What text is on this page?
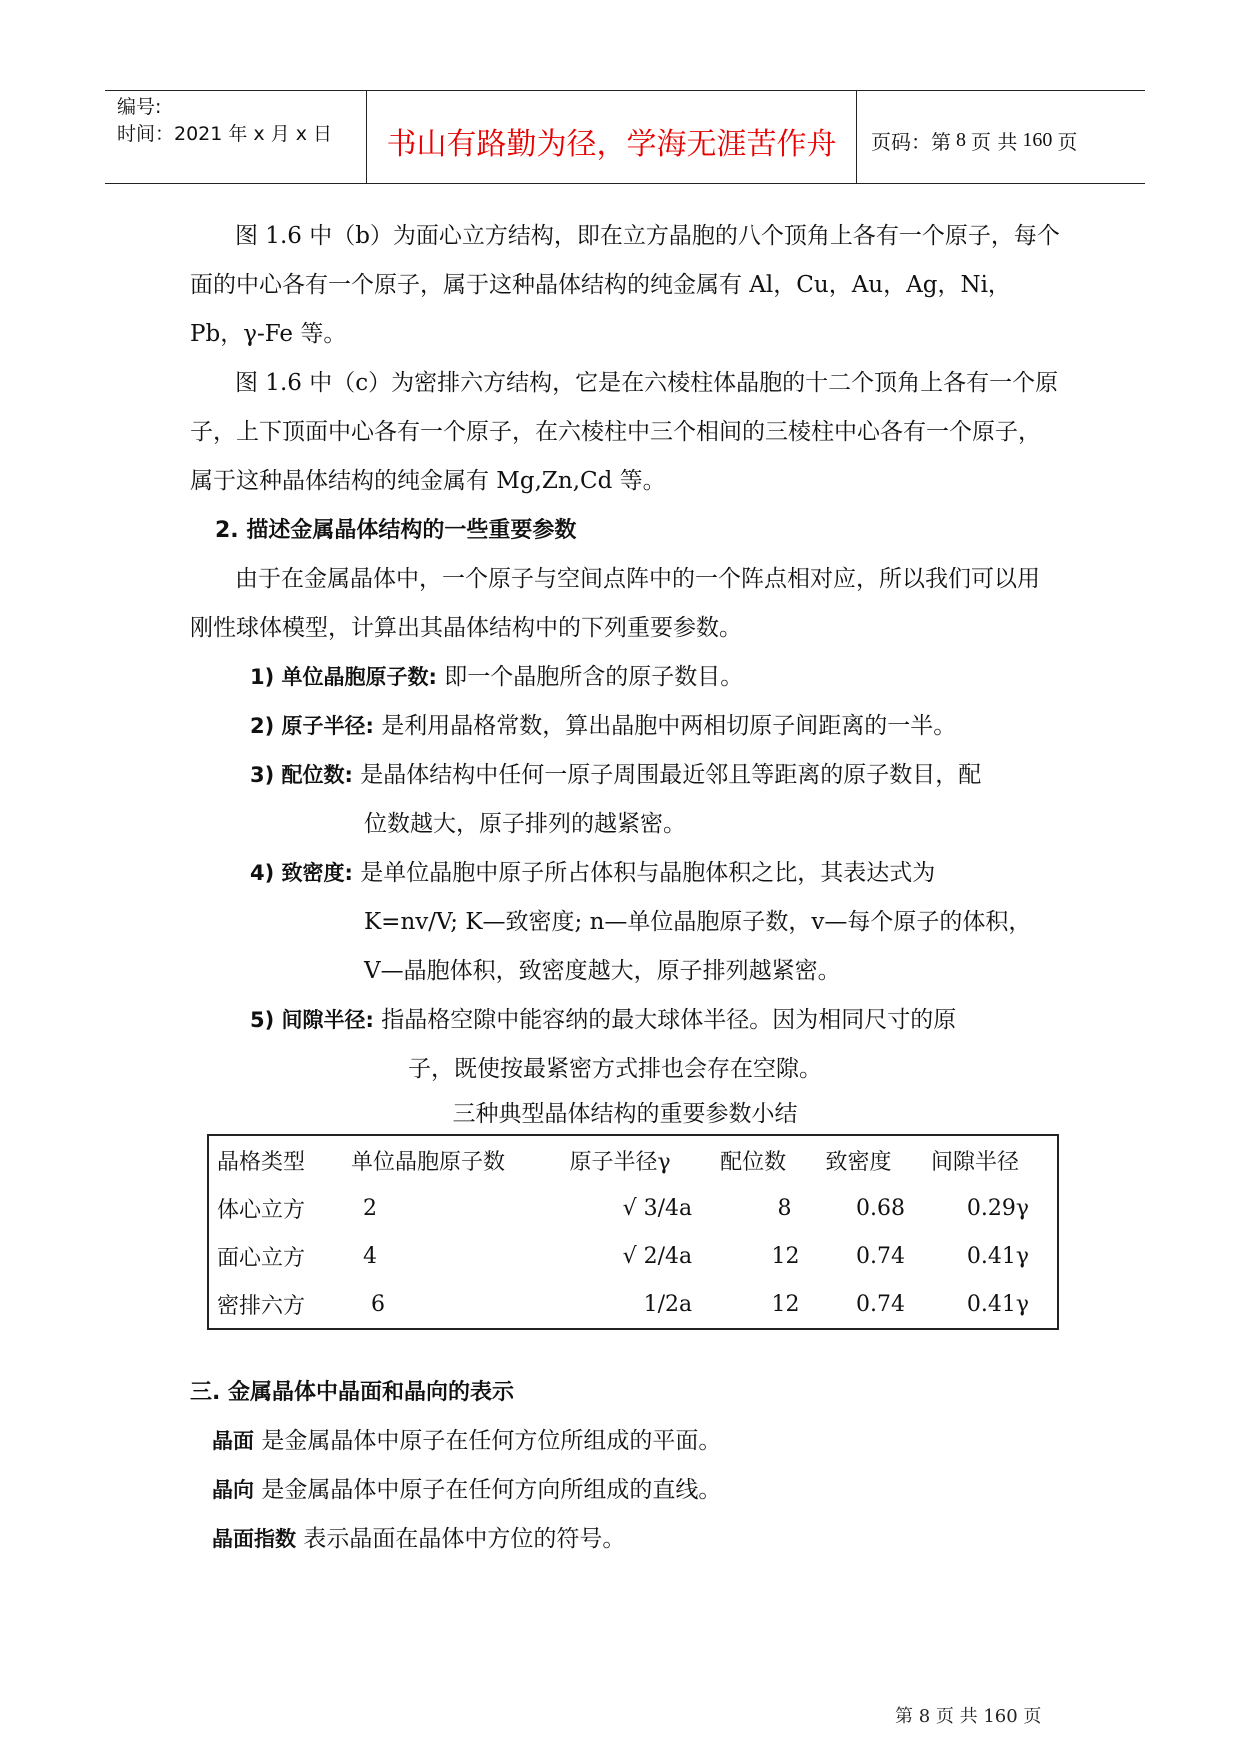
编号:
时间：2021 年 x 月 x 日	书山有路勤为径，学海无涯苦作舟	页码：第 8 页 共 160 页

图 1.6 中（b）为面心立方结构，即在立方晶胞的八个顶角上各有一个原子，每个面的中心各有一个原子，属于这种晶体结构的纯金属有 Al，Cu，Au，Ag，Ni，Pb，γ-Fe 等。

图 1.6 中（c）为密排六方结构，它是在六棱柱体晶胞的十二个顶角上各有一个原子，上下顶面中心各有一个原子，在六棱柱中三个相间的三棱柱中心各有一个原子，属于这种晶体结构的纯金属有 Mg,Zn,Cd 等。

2. 描述金属晶体结构的一些重要参数

由于在金属晶体中，一个原子与空间点阵中的一个阵点相对应，所以我们可以用刚性球体模型，计算出其晶体结构中的下列重要参数。

1) 单位晶胞原子数: 即一个晶胞所含的原子数目。

2) 原子半径: 是利用晶格常数，算出晶胞中两相切原子间距离的一半。

3) 配位数: 是晶体结构中任何一原子周围最近邻且等距离的原子数目，配

位数越大，原子排列的越紧密。

4) 致密度: 是单位晶胞中原子所占体积与晶胞体积之比，其表达式为

K=nv/V; K—致密度; n—单位晶胞原子数，v—每个原子的体积，

V—晶胞体积，致密度越大，原子排列越紧密。

5) 间隙半径: 指晶格空隙中能容纳的最大球体半径。因为相同尺寸的原

子，既使按最紧密方式排也会存在空隙。

三种典型晶体结构的重要参数小结

晶格类型	单位晶胞原子数	原子半径γ	配位数	致密度	间隙半径
体心立方	2	√ 3/4a	8	0.68	0.29γ
面心立方	4	√ 2/4a	12	0.74	0.41γ
密排六方	6	1/2a	12	0.74	0.41γ

三. 金属晶体中晶面和晶向的表示

晶面 是金属晶体中原子在任何方位所组成的平面。

晶向 是金属晶体中原子在任何方向所组成的直线。

晶面指数 表示晶面在晶体中方位的符号。

第 8 页 共 160 页
